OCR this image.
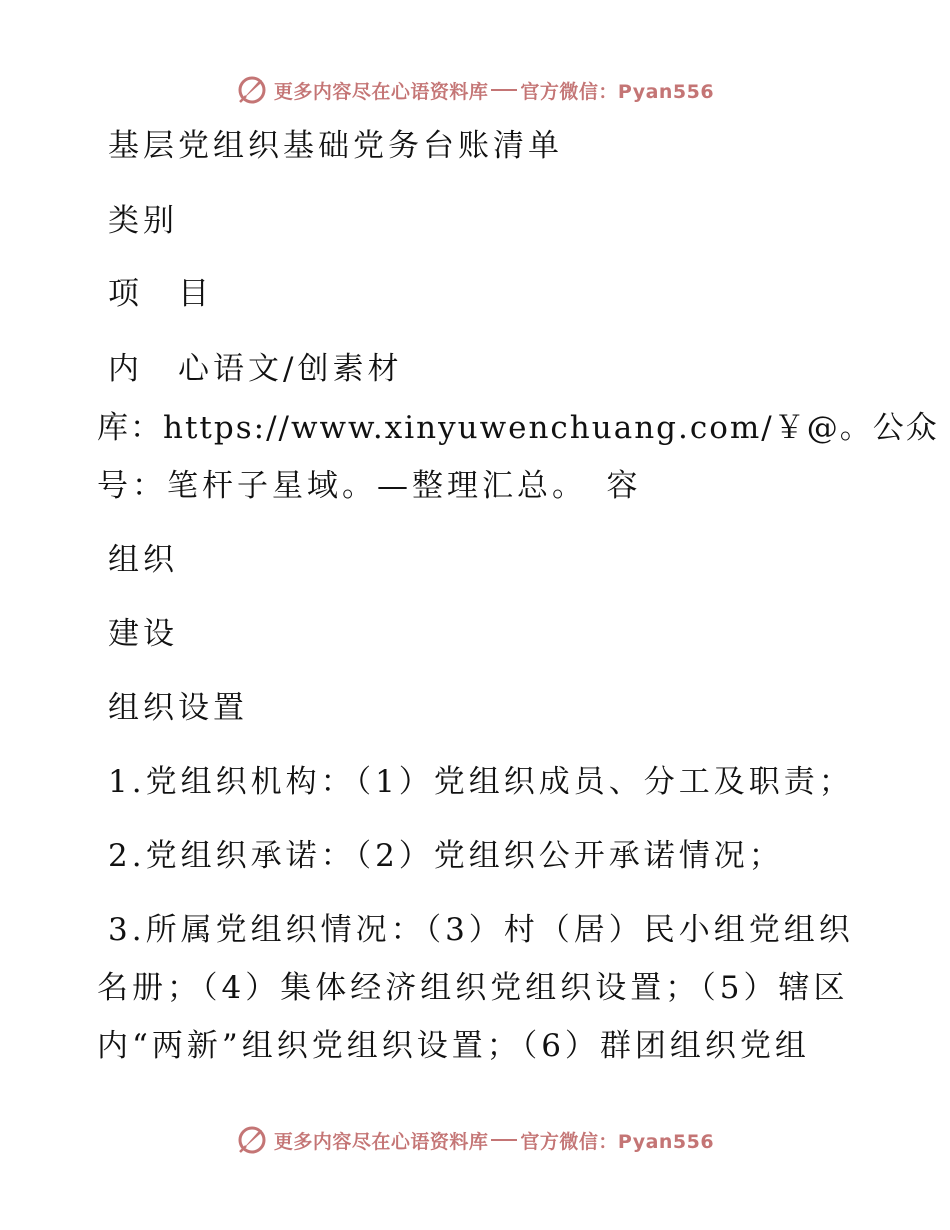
更多内容尽在心语资料库 官方微信：Pyan556
基层党组织基础党务台账清单
类别
项　目
内　心语文/创素材
库：https://www.xinyuwenchuang.com/￥@。公众
号：笔杆子星域。—整理汇总。　容
组织
建设
组织设置
1.党组织机构：（1）党组织成员、分工及职责；
2.党组织承诺：（2）党组织公开承诺情况；
3.所属党组织情况：（3）村（居）民小组党组织
名册；（4）集体经济组织党组织设置；（5）辖区
内“两新”组织党组织设置；（6）群团组织党组
更多内容尽在心语资料库 官方微信：Pyan556
